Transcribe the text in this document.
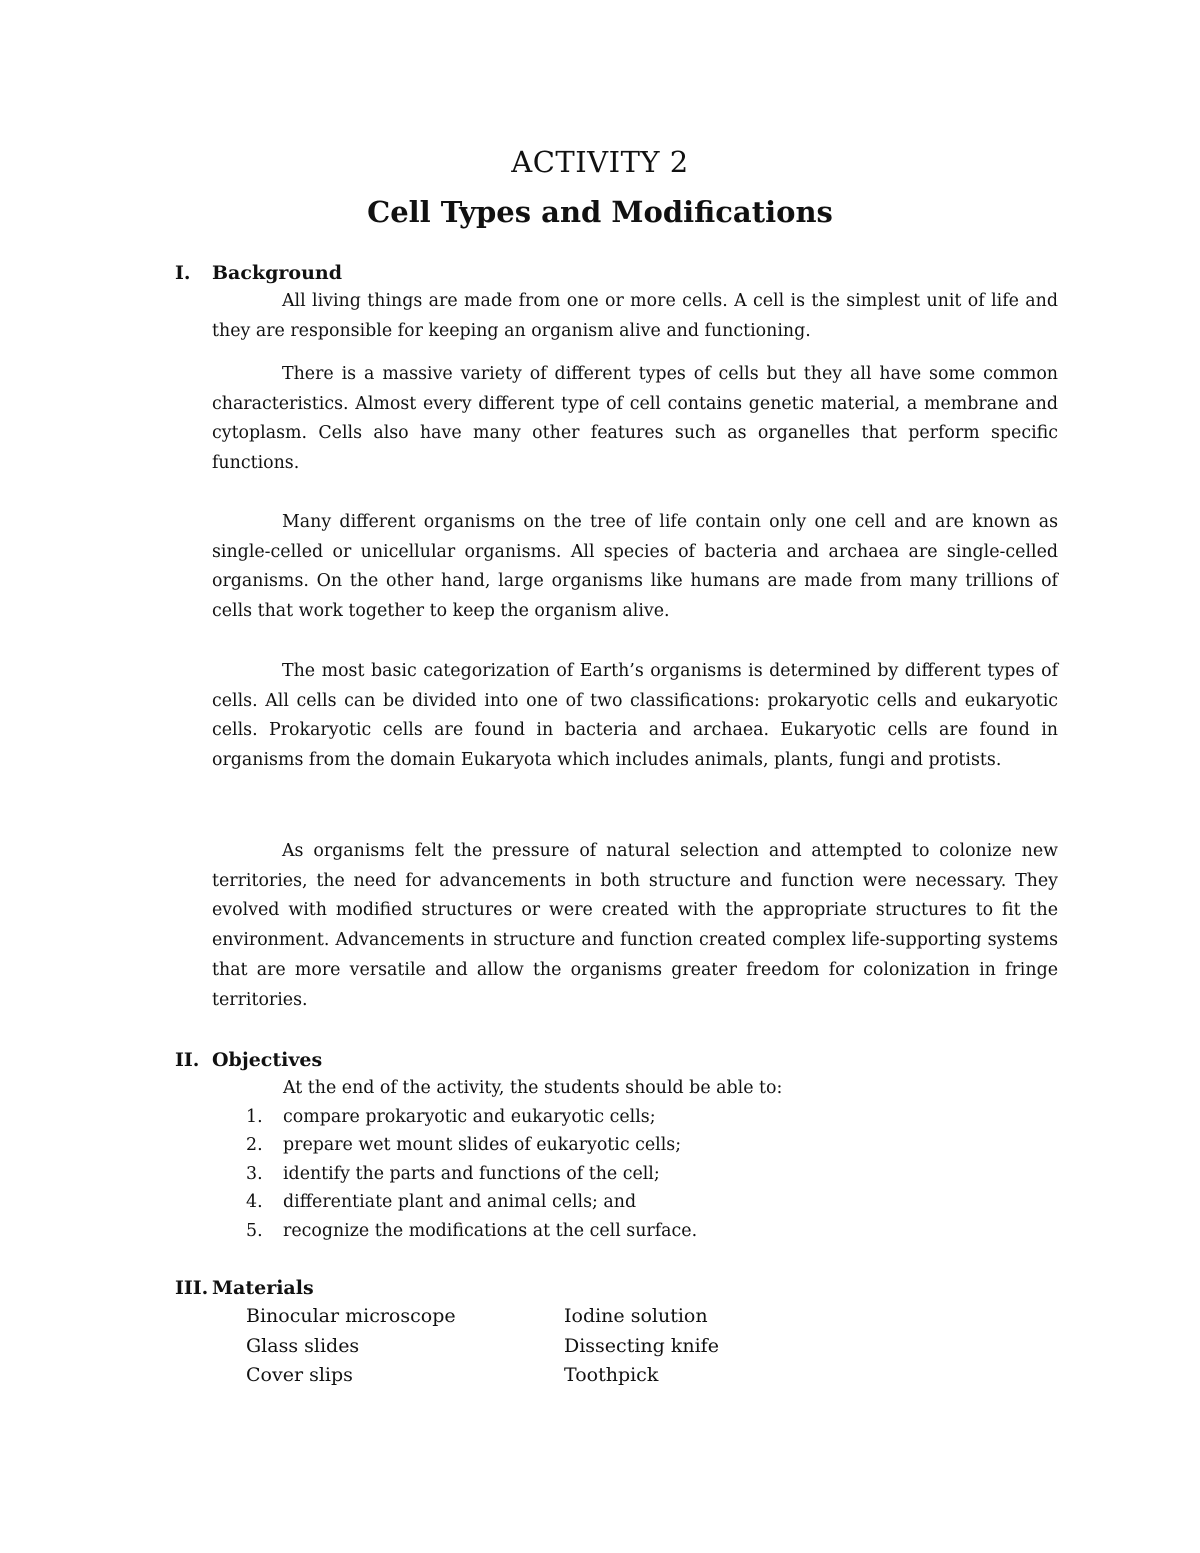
ACTIVITY 2
Cell Types and Modifications
I. Background

All living things are made from one or more cells. A cell is the simplest unit of life and they are responsible for keeping an organism alive and functioning.

There is a massive variety of different types of cells but they all have some common characteristics. Almost every different type of cell contains genetic material, a membrane and cytoplasm. Cells also have many other features such as organelles that perform specific functions.

Many different organisms on the tree of life contain only one cell and are known as single-celled or unicellular organisms. All species of bacteria and archaea are single-celled organisms. On the other hand, large organisms like humans are made from many trillions of cells that work together to keep the organism alive.

The most basic categorization of Earth’s organisms is determined by different types of cells. All cells can be divided into one of two classifications: prokaryotic cells and eukaryotic cells. Prokaryotic cells are found in bacteria and archaea. Eukaryotic cells are found in organisms from the domain Eukaryota which includes animals, plants, fungi and protists.

As organisms felt the pressure of natural selection and attempted to colonize new territories, the need for advancements in both structure and function were necessary. They evolved with modified structures or were created with the appropriate structures to fit the environment. Advancements in structure and function created complex life-supporting systems that are more versatile and allow the organisms greater freedom for colonization in fringe territories.

II. Objectives
At the end of the activity, the students should be able to:
1. compare prokaryotic and eukaryotic cells;
2. prepare wet mount slides of eukaryotic cells;
3. identify the parts and functions of the cell;
4. differentiate plant and animal cells; and
5. recognize the modifications at the cell surface.
III. Materials
Binocular microscope	Iodine solution
Glass slides	Dissecting knife
Cover slips	Toothpick
